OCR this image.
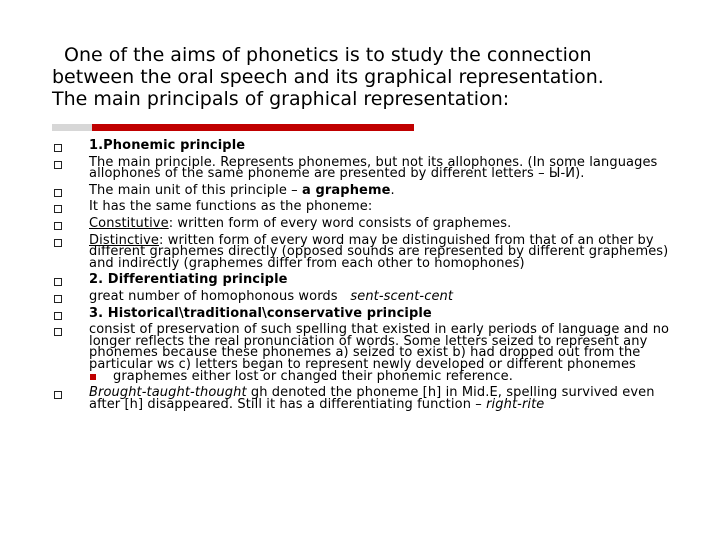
One of the aims of phonetics is to study the connection
between the oral speech and its graphical representation.
The main principals of graphical representation:
1.Phonemic principle
The main principle. Represents phonemes, but not its allophones. (In some languages allophones of the same phoneme are presented by different letters – Ы-И).
The main unit of this principle – a grapheme.
It has the same functions as the phoneme:
Constitutive: written form of every word consists of graphemes.
Distinctive: written form of every word may be distinguished from that of an other by different graphemes directly (opposed sounds are represented by different graphemes) and indirectly (graphemes differ from each other to homophones)
2. Differentiating principle
great number of homophonous words   sent-scent-cent
3. Historical\traditional\conservative principle
consist of preservation of such spelling that existed in early periods of language and no longer reflects the real pronunciation of words. Some letters seized to represent any phonemes because these phonemes a) seized to exist b) had dropped out from the particular ws c) letters began to represent newly developed or different phonemes
graphemes either lost or changed their phonemic reference.
Brought-taught-thought gh denoted the phoneme [h] in Mid.E, spelling survived even after [h] disappeared. Still it has a differentiating function – right-rite
